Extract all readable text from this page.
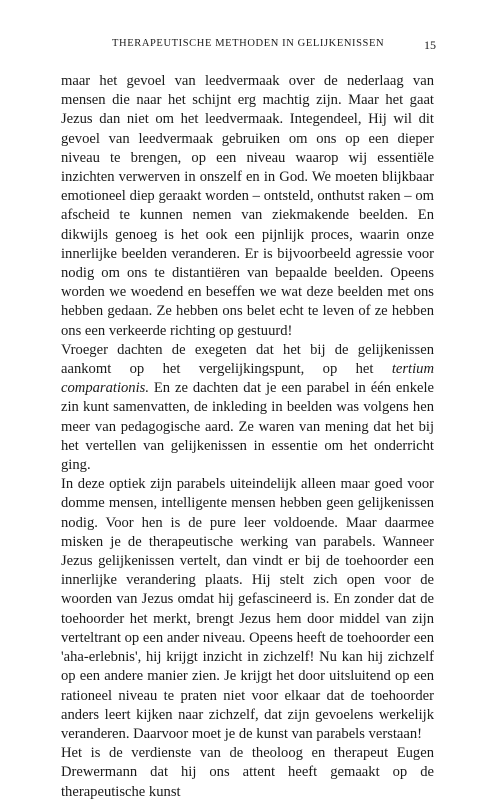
THERAPEUTISCHE METHODEN IN GELIJKENISSEN	15

maar het gevoel van leedvermaak over de nederlaag van mensen die naar het schijnt erg machtig zijn. Maar het gaat Jezus dan niet om het leedvermaak. Integendeel, Hij wil dit gevoel van leedvermaak gebruiken om ons op een dieper niveau te brengen, op een niveau waarop wij essentiële inzichten verwerven in onszelf en in God. We moeten blijkbaar emotioneel diep geraakt worden – ontsteld, onthutst raken – om afscheid te kunnen nemen van ziekmakende beelden. En dikwijls genoeg is het ook een pijnlijk proces, waarin onze innerlijke beelden veranderen. Er is bijvoorbeeld agressie voor nodig om ons te distantiëren van bepaalde beelden. Opeens worden we woedend en beseffen we wat deze beelden met ons hebben gedaan. Ze hebben ons belet echt te leven of ze hebben ons een verkeerde richting op gestuurd!

Vroeger dachten de exegeten dat het bij de gelijkenissen aankomt op het vergelijkingspunt, op het tertium comparationis. En ze dachten dat je een parabel in één enkele zin kunt samenvatten, de inkleding in beelden was volgens hen meer van pedagogische aard. Ze waren van mening dat het bij het vertellen van gelijkenissen in essentie om het onderricht ging.

In deze optiek zijn parabels uiteindelijk alleen maar goed voor domme mensen, intelligente mensen hebben geen gelijkenissen nodig. Voor hen is de pure leer voldoende. Maar daarmee misken je de therapeutische werking van parabels. Wanneer Jezus gelijkenissen vertelt, dan vindt er bij de toehoorder een innerlijke verandering plaats. Hij stelt zich open voor de woorden van Jezus omdat hij gefascineerd is. En zonder dat de toehoorder het merkt, brengt Jezus hem door middel van zijn verteltrant op een ander niveau. Opeens heeft de toehoorder een 'aha-erlebnis', hij krijgt inzicht in zichzelf! Nu kan hij zichzelf op een andere manier zien. Je krijgt het door uitsluitend op een rationeel niveau te praten niet voor elkaar dat de toehoorder anders leert kijken naar zichzelf, dat zijn gevoelens werkelijk veranderen. Daarvoor moet je de kunst van parabels verstaan!

Het is de verdienste van de theoloog en therapeut Eugen Drewermann dat hij ons attent heeft gemaakt op de therapeutische kunst
